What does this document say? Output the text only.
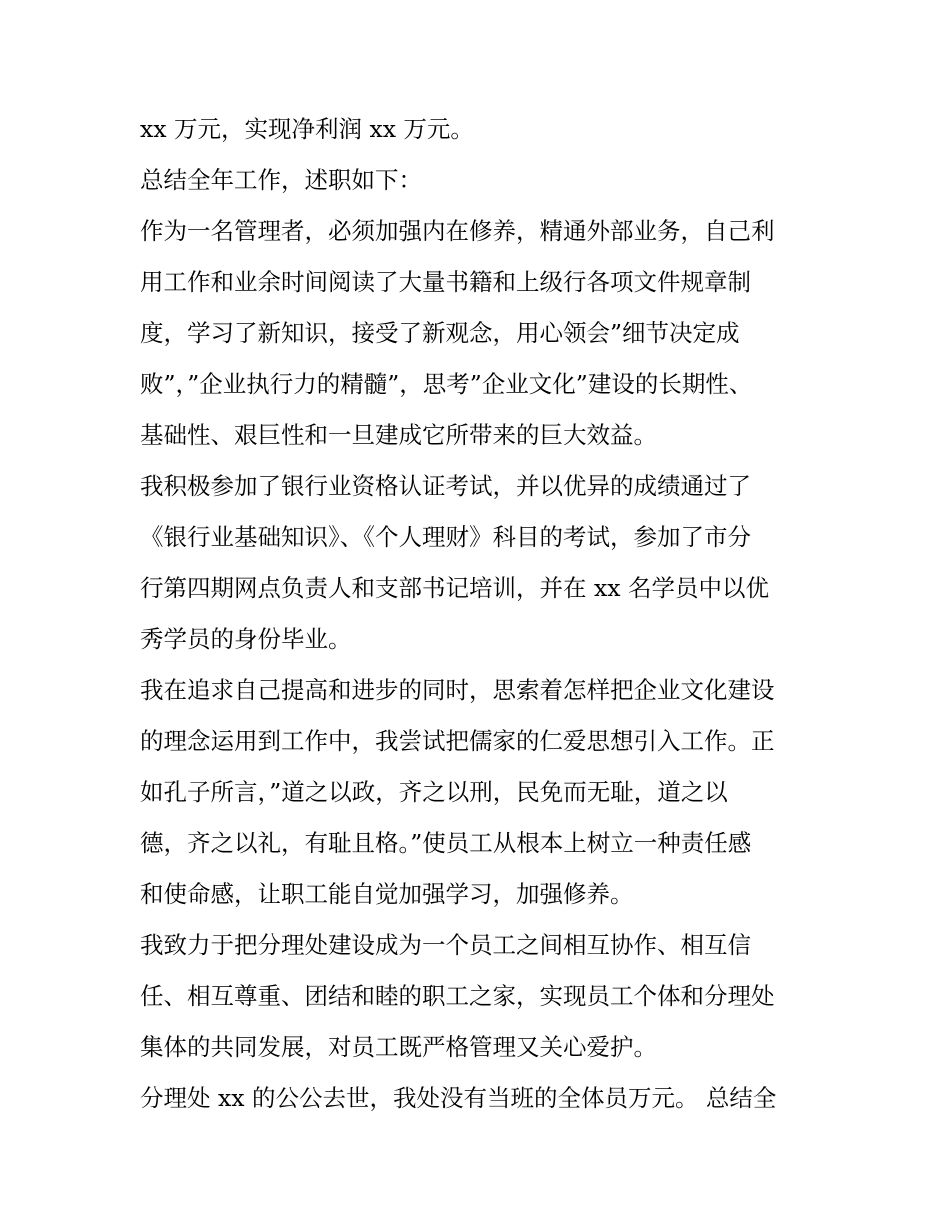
xx 万元，实现净利润 xx 万元。
总结全年工作，述职如下：
作为一名管理者，必须加强内在修养，精通外部业务，自己利
用工作和业余时间阅读了大量书籍和上级行各项文件规章制
度，学习了新知识，接受了新观念，用心领会”细节决定成
败”，”企业执行力的精髓”，思考”企业文化”建设的长期性、
基础性、艰巨性和一旦建成它所带来的巨大效益。
我积极参加了银行业资格认证考试，并以优异的成绩通过了
《银行业基础知识》、《个人理财》科目的考试，参加了市分
行第四期网点负责人和支部书记培训，并在 xx 名学员中以优
秀学员的身份毕业。
我在追求自己提高和进步的同时，思索着怎样把企业文化建设
的理念运用到工作中，我尝试把儒家的仁爱思想引入工作。正
如孔子所言，”道之以政，齐之以刑，民免而无耻，道之以
德，齐之以礼，有耻且格。”使员工从根本上树立一种责任感
和使命感，让职工能自觉加强学习，加强修养。
我致力于把分理处建设成为一个员工之间相互协作、相互信
任、相互尊重、团结和睦的职工之家，实现员工个体和分理处
集体的共同发展，对员工既严格管理又关心爱护。
分理处 xx 的公公去世，我处没有当班的全体员万元。 总结全
